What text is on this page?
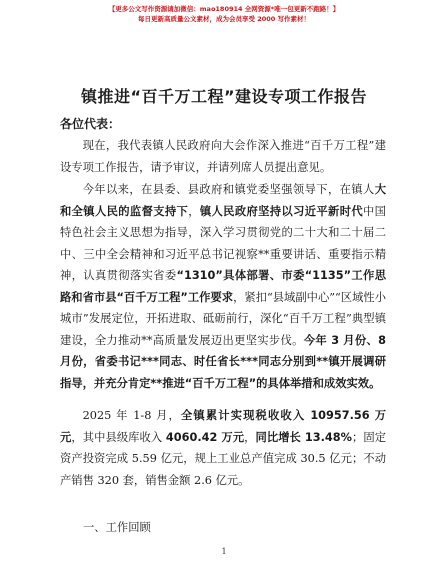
【更多公文写作资源请加微信：mao180914 全网资源*唯一包更新不跑路！】
每日更新高质量公文素材，成为会员享受 2000 写作素材！
镇推进“百千万工程”建设专项工作报告
各位代表：

现在，我代表镇人民政府向大会作深入推进“百千万工程”建设专项工作报告，请予审议，并请列席人员提出意见。

今年以来，在县委、县政府和镇党委坚强领导下，在镇人大和全镇人民的监督支持下，镇人民政府坚持以习近平新时代中国特色社会主义思想为指导，深入学习贯彻党的二十大和二十届二中、三中全会精神和习近平总书记视察**重要讲话、重要指示精神，认真贯彻落实省委“1310”具体部署、市委“1135”工作思路和省市县“百千万工程”工作要求，紧扣“县域副中心”“区域性小城市”发展定位，开拓进取、砥砺前行，深化“百千万工程”典型镇建设，全力推动**高质量发展迈出更坚实步伐。今年 3 月份、8 月份，省委书记***同志、时任省长***同志分别到**镇开展调研指导，并充分肯定**推进“百千万工程”的具体举措和成效实效。

2025 年 1-8 月，全镇累计实现税收收入 10957.56 万元，其中县级库收入 4060.42 万元，同比增长 13.48%；固定资产投资完成 5.59 亿元，规上工业总产值完成 30.5 亿元；不动产销售 320 套，销售金额 2.6 亿元。

一、工作回顾
1
